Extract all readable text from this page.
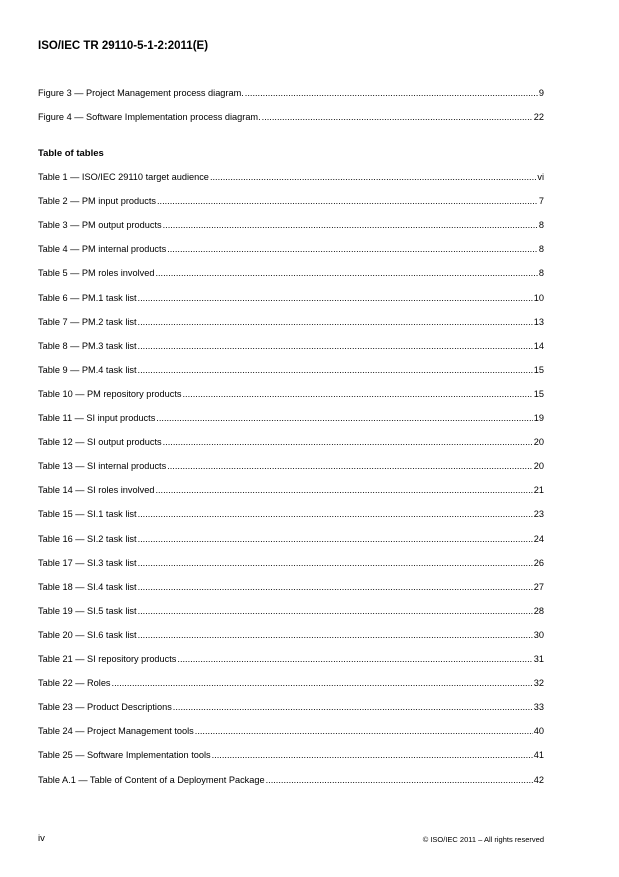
ISO/IEC TR 29110-5-1-2:2011(E)
Figure 3 — Project Management process diagram. .....	9
Figure 4 — Software Implementation process diagram. .....	22
Table of tables
Table 1 — ISO/IEC 29110 target audience .....	vi
Table 2 — PM input products .....	7
Table 3 — PM output products .....	8
Table 4 — PM internal products .....	8
Table 5 — PM roles involved .....	8
Table 6 — PM.1 task list .....	10
Table 7 — PM.2 task list .....	13
Table 8 — PM.3 task list .....	14
Table 9 — PM.4 task list .....	15
Table 10 — PM repository products .....	15
Table 11 — SI input products .....	19
Table 12 — SI output products .....	20
Table 13 — SI internal products .....	20
Table 14 — SI roles involved .....	21
Table 15 — SI.1 task list .....	23
Table 16 — SI.2 task list .....	24
Table 17 — SI.3 task list .....	26
Table 18 — SI.4 task list .....	27
Table 19 — SI.5 task list .....	28
Table 20 — SI.6 task list .....	30
Table 21 — SI repository products .....	31
Table 22 — Roles .....	32
Table 23 — Product Descriptions .....	33
Table 24 — Project Management tools .....	40
Table 25 — Software Implementation tools .....	41
Table A.1 — Table of Content of a Deployment Package .....	42
iv	© ISO/IEC 2011 – All rights reserved
